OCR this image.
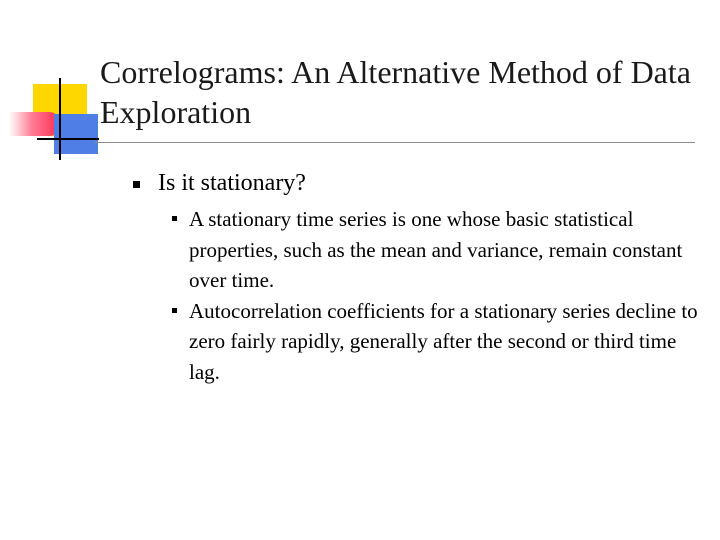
Correlograms: An Alternative Method of Data Exploration

Is it stationary?

A stationary time series is one whose basic statistical properties, such as the mean and variance, remain constant over time.
Autocorrelation coefficients for a stationary series decline to zero fairly rapidly, generally after the second or third time lag.
